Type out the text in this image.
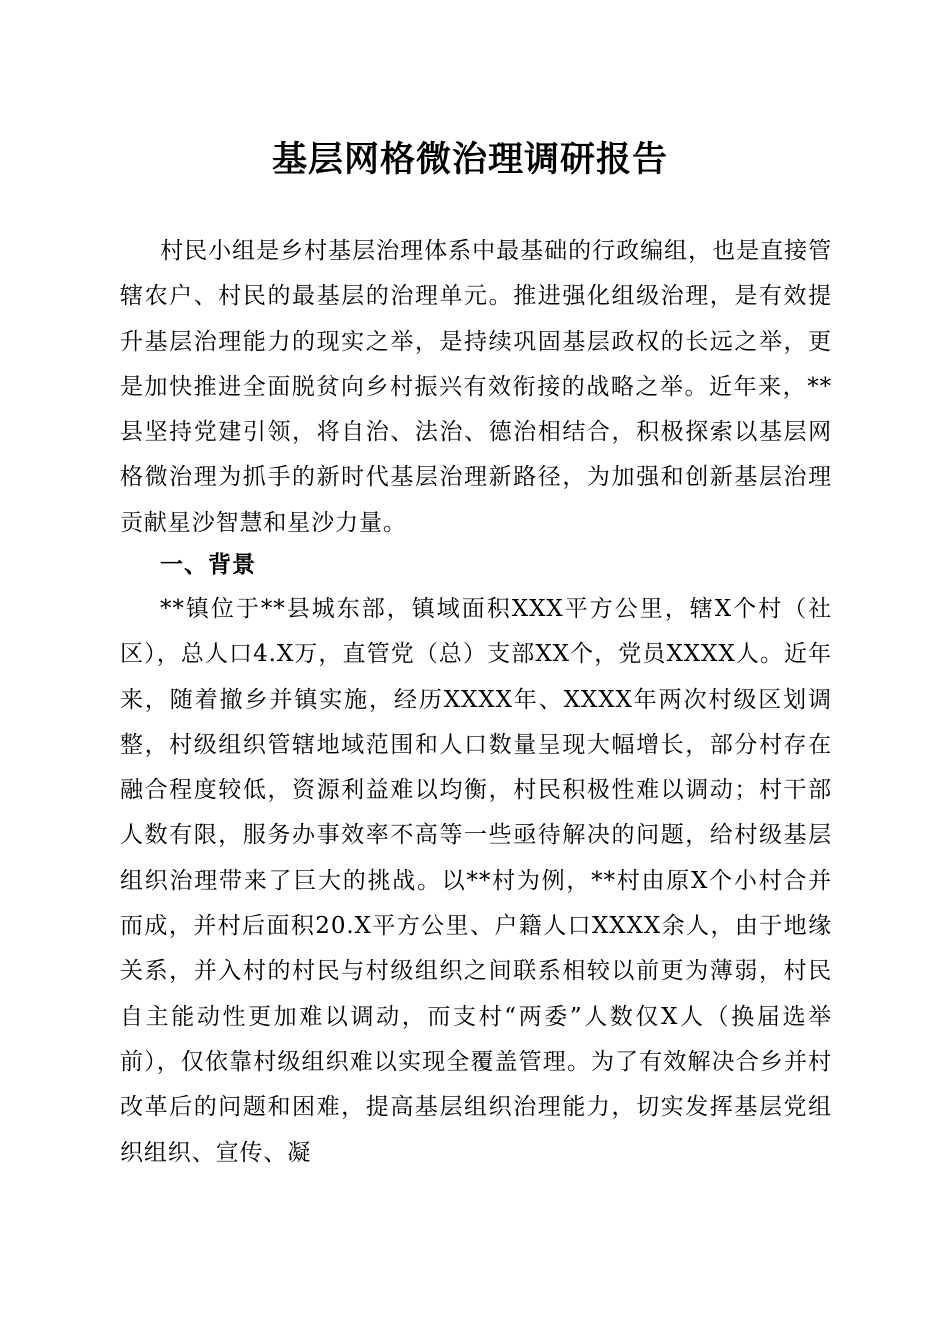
基层网格微治理调研报告

村民小组是乡村基层治理体系中最基础的行政编组，也是直接管辖农户、村民的最基层的治理单元。推进强化组级治理，是有效提升基层治理能力的现实之举，是持续巩固基层政权的长远之举，更是加快推进全面脱贫向乡村振兴有效衔接的战略之举。近年来，**县坚持党建引领，将自治、法治、德治相结合，积极探索以基层网格微治理为抓手的新时代基层治理新路径，为加强和创新基层治理贡献星沙智慧和星沙力量。

一、背景

**镇位于**县城东部，镇域面积XXX平方公里，辖X个村（社区），总人口4.X万，直管党（总）支部XX个，党员XXXX人。近年来，随着撤乡并镇实施，经历XXXX年、XXXX年两次村级区划调整，村级组织管辖地域范围和人口数量呈现大幅增长，部分村存在融合程度较低，资源利益难以均衡，村民积极性难以调动；村干部人数有限，服务办事效率不高等一些亟待解决的问题，给村级基层组织治理带来了巨大的挑战。以**村为例，**村由原X个小村合并而成，并村后面积20.X平方公里、户籍人口XXXX余人，由于地缘关系，并入村的村民与村级组织之间联系相较以前更为薄弱，村民自主能动性更加难以调动，而支村“两委”人数仅X人（换届选举前），仅依靠村级组织难以实现全覆盖管理。为了有效解决合乡并村改革后的问题和困难，提高基层组织治理能力，切实发挥基层党组织组织、宣传、凝
